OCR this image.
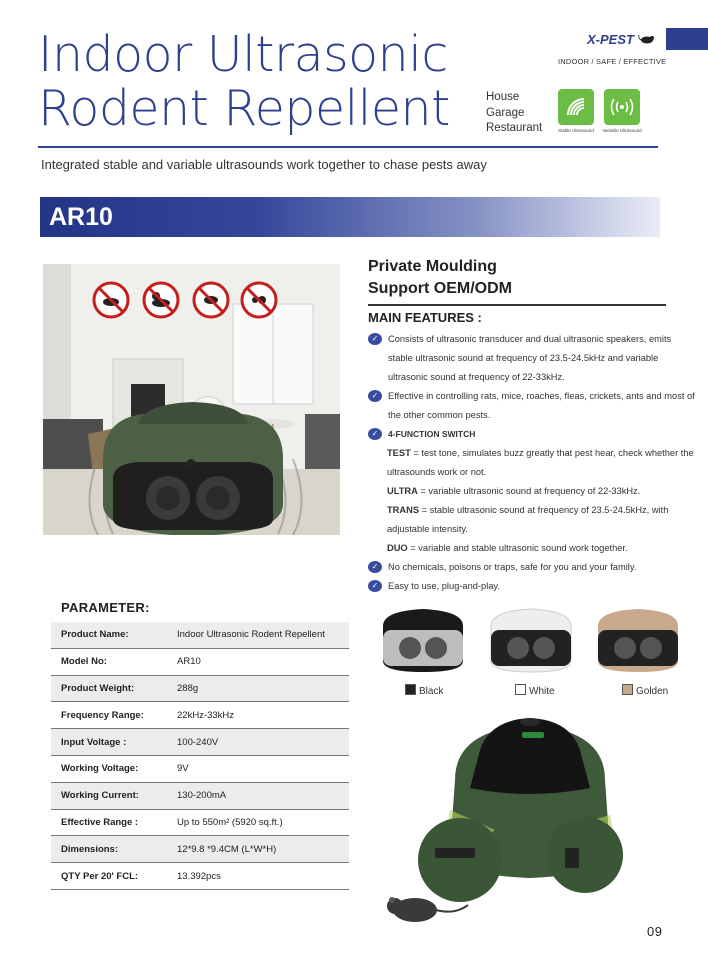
Indoor Ultrasonic
Rodent Repellent
X-PEST
INDOOR / SAFE / EFFECTIVE
House
Garage
Restaurant	Stable Ultrasound	Variable Ultrasound
Integrated stable and variable ultrasounds work together to chase pests away
AR10
Private Moulding
Support OEM/ODM
MAIN FEATURES :
✓	Consists of ultrasonic transducer and dual ultrasonic speakers, emits stable ultrasonic sound at frequency of 23.5-24.5kHz and variable ultrasonic sound at frequency of 22-33kHz.
✓	Effective in controlling rats, mice, roaches, fleas, crickets, ants and most of the other common pests.
✓	4-FUNCTION SWITCH
TEST = test tone, simulates buzz greatly that pest hear, check whether the ultrasounds work or not.
ULTRA = variable ultrasonic sound at frequency of 22-33kHz.
TRANS = stable ultrasonic sound at frequency of 23.5-24.5kHz, with adjustable intensity.
DUO = variable and stable ultrasonic sound work together.
✓	No chemicals, poisons or traps, safe for you and your family.
✓	Easy to use, plug-and-play.
PARAMETER:
Product Name:	Indoor Ultrasonic Rodent Repellent
Model No:	AR10
Product Weight:	288g
Frequency Range:	22kHz-33kHz
Input Voltage :	100-240V
Working Voltage:	9V
Working Current:	130-200mA
Effective Range :	Up to 550m² (5920 sq.ft.)
Dimensions:	12*9.8 *9.4CM (L*W*H)
QTY Per 20' FCL:	13.392pcs
Black	White	Golden
09
